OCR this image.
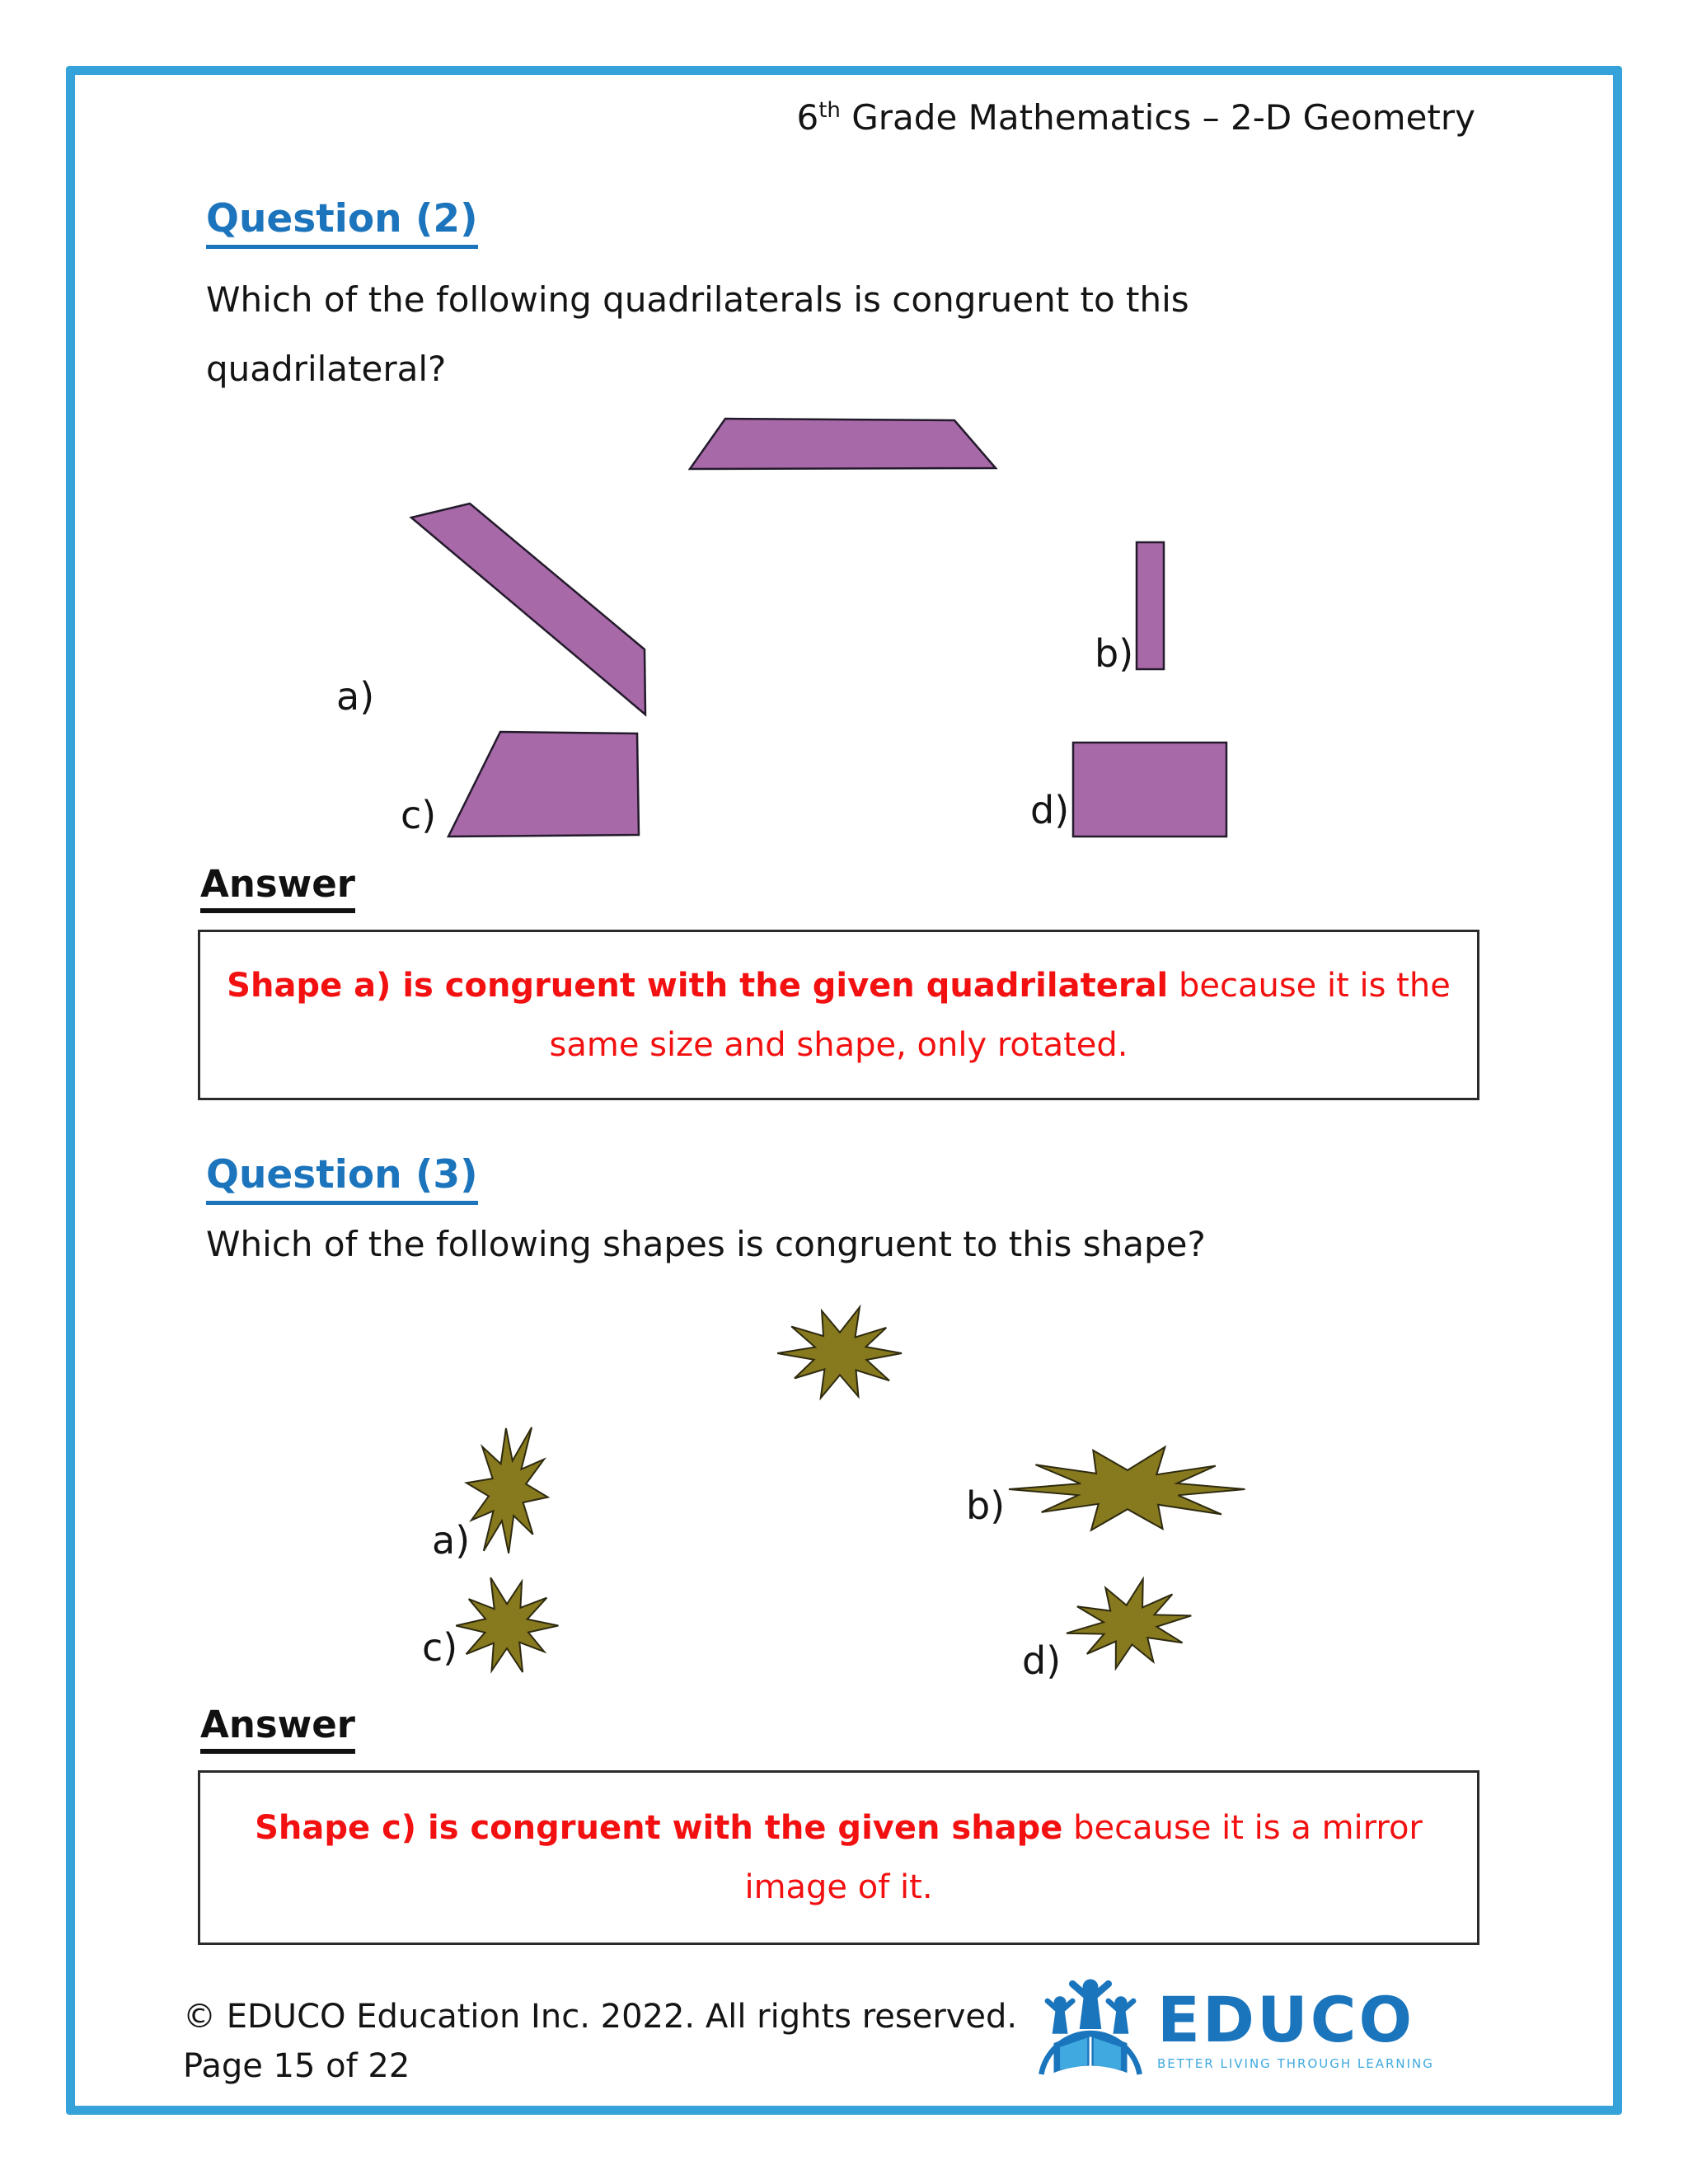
6th Grade Mathematics – 2-D Geometry
Question (2)
Which of the following quadrilaterals is congruent to this quadrilateral?
a)
b)
c)	d)
Answer

Shape a) is congruent with the given quadrilateral because it is the same size and shape, only rotated.

Question (3)
Which of the following shapes is congruent to this shape?
a)
b)
c)	d)
Answer

Shape c) is congruent with the given shape because it is a mirror image of it.

© EDUCO Education Inc. 2022. All rights reserved.
Page 15 of 22
EDUCO
BETTER LIVING THROUGH LEARNING
